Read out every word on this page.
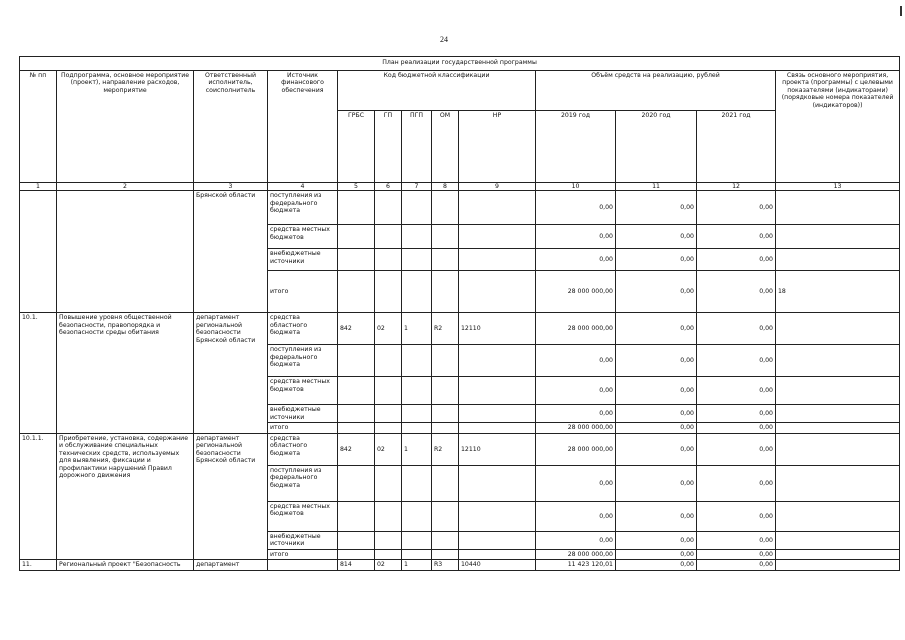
24
План реализации государственной программы												
№ пп	Подпрограмма, основное мероприятие (проект), направление расходов, мероприятие	Ответственный исполнитель, соисполнитель	Источник финансового обеспечения	Код бюджетной классификации					Объём средств на реализацию, рублей			Связь основного мероприятия, проекта (программы) с целевыми показателями (индикаторами) (порядковые номера показателей (индикаторов))
				ГРБС	ГП	ПГП	ОМ	НР	2019 год	2020 год	2021 год	
1	2	3	4	5	6	7	8	9	10	11	12	13
		Брянской области	поступления из федерального бюджета						0,00	0,00	0,00	
			средства местных бюджетов						0,00	0,00	0,00	
			внебюджетные источники						0,00	0,00	0,00	
			итого						28 000 000,00	0,00	0,00	18
10.1.	Повышение уровня общественной безопасности, правопорядка и безопасности среды обитания	департамент региональной безопасности Брянской области	средства областного бюджета	842	02	1	R2	12110	28 000 000,00	0,00	0,00	
			поступления из федерального бюджета						0,00	0,00	0,00	
			средства местных бюджетов						0,00	0,00	0,00	
			внебюджетные источники						0,00	0,00	0,00	
			итого						28 000 000,00	0,00	0,00	
10.1.1.	Приобретение, установка, содержание и обслуживание специальных технических средств, используемых для выявления, фиксации и профилактики нарушений Правил дорожного движения	департамент региональной безопасности Брянской области	средства областного бюджета	842	02	1	R2	12110	28 000 000,00	0,00	0,00	
			поступления из федерального бюджета						0,00	0,00	0,00	
			средства местных бюджетов						0,00	0,00	0,00	
			внебюджетные источники						0,00	0,00	0,00	
			итого						28 000 000,00	0,00	0,00	
11.	Региональный проект "Безопасность	департамент		814	02	1	R3	10440	11 423 120,01	0,00	0,00	
